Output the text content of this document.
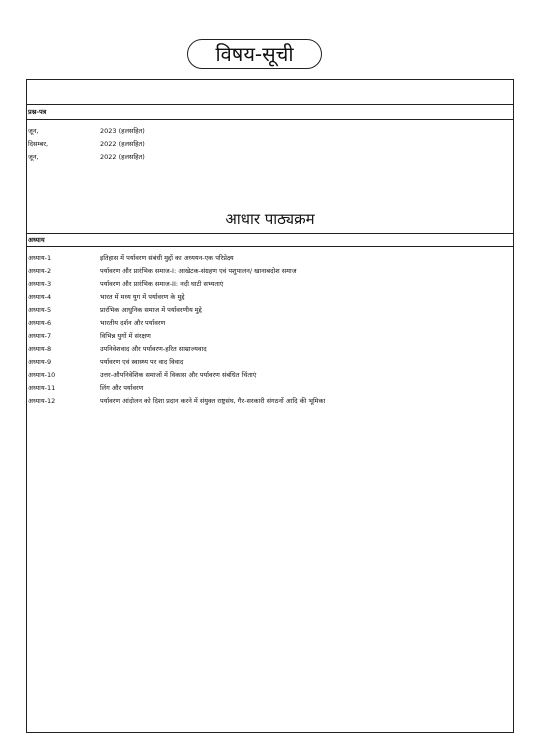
विषय-सूची
प्रश्न-पत्र
जून,	2023 (हलसहित)
दिसम्बर,	2022 (हलसहित)
जून,	2022 (हलसहित)
आधार पाठ्यक्रम
अध्याय
अध्याय-1	इतिहास में पर्यावरण संबंधी मुद्दों का अध्ययन-एक परिप्रेक्ष्य
अध्याय-2	पर्यावरण और प्रारंभिक समाज-I: आखेटक-संग्रहण एवं पशुपालन/ खानाबदोश समाज
अध्याय-3	पर्यावरण और प्रारंभिक समाज-II: नदी घाटी सभ्यताएं
अध्याय-4	भारत में मध्य युग में पर्यावरण के मुद्दे
अध्याय-5	प्रारंभिक आधुनिक समाज में पर्यावरणीय मुद्दे
अध्याय-6	भारतीय दर्शन और पर्यावरण
अध्याय-7	विभिन्न युगों में संरक्षण
अध्याय-8	उपनिवेशवाद और पर्यावरण-हरित साम्राज्यवाद
अध्याय-9	पर्यावरण एवं स्वास्थ्य पर वाद विवाद
अध्याय-10	उत्तर-औपनिवेशिक समाजों में विकास और पर्यावरण संबंधित चिंताएं
अध्याय-11	लिंग और पर्यावरण
अध्याय-12	पर्यावरण आंदोलन को दिशा प्रदान करने में संयुक्त राष्ट्रसंघ, गैर-सरकारी संगठनों आदि की भूमिका
